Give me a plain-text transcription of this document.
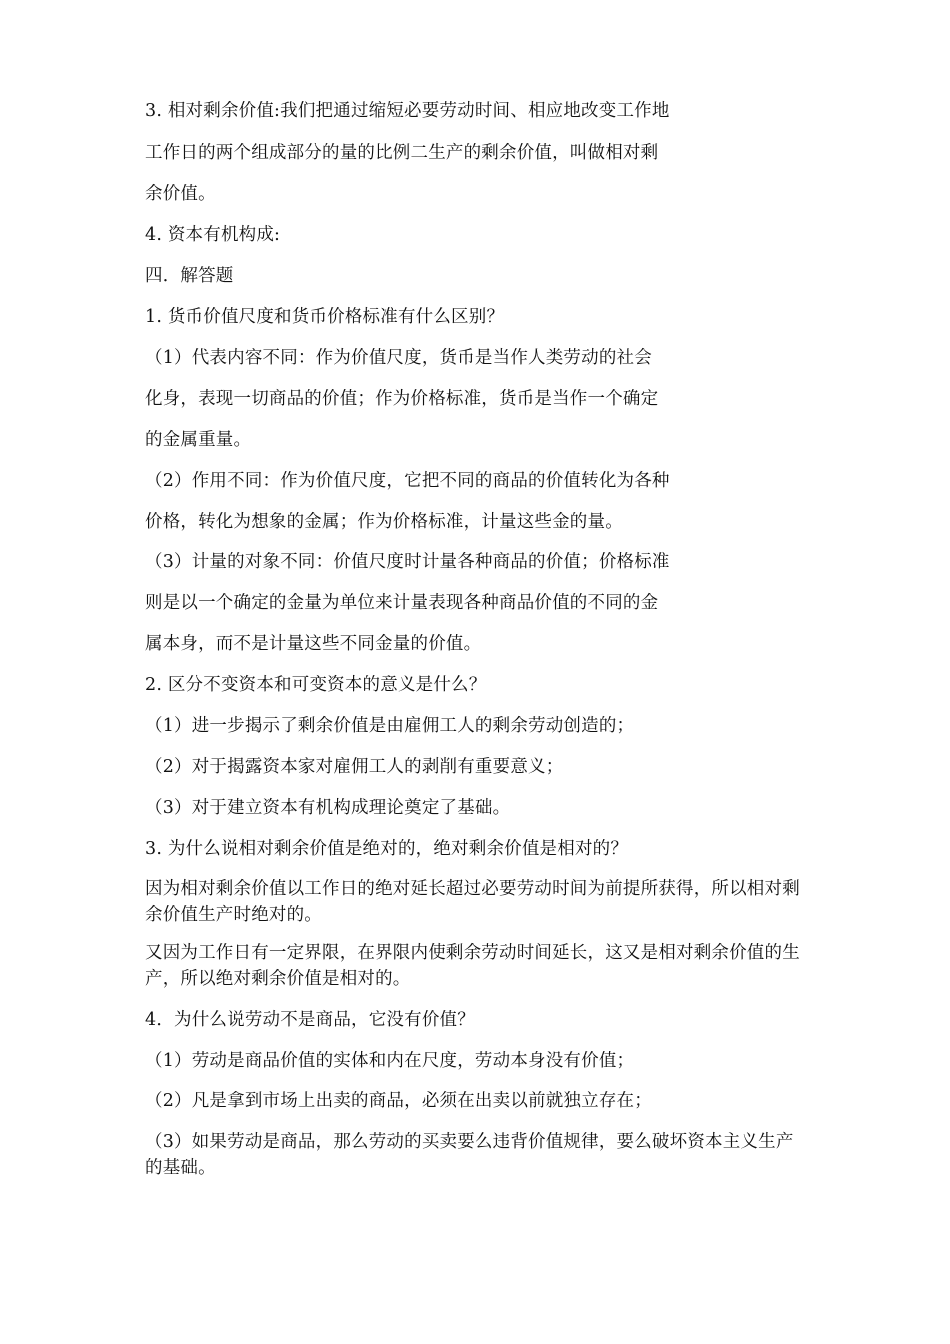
3. 相对剩余价值:我们把通过缩短必要劳动时间、相应地改变工作地
工作日的两个组成部分的量的比例二生产的剩余价值，叫做相对剩
余价值。
4. 资本有机构成:
四．解答题
1. 货币价值尺度和货币价格标准有什么区别？
（1）代表内容不同：作为价值尺度，货币是当作人类劳动的社会
化身，表现一切商品的价值；作为价格标准，货币是当作一个确定
的金属重量。
（2）作用不同：作为价值尺度，它把不同的商品的价值转化为各种
价格，转化为想象的金属；作为价格标准，计量这些金的量。
（3）计量的对象不同：价值尺度时计量各种商品的价值；价格标准
则是以一个确定的金量为单位来计量表现各种商品价值的不同的金
属本身，而不是计量这些不同金量的价值。
2. 区分不变资本和可变资本的意义是什么？
（1）进一步揭示了剩余价值是由雇佣工人的剩余劳动创造的；
（2）对于揭露资本家对雇佣工人的剥削有重要意义；
（3）对于建立资本有机构成理论奠定了基础。
3. 为什么说相对剩余价值是绝对的，绝对剩余价值是相对的？
因为相对剩余价值以工作日的绝对延长超过必要劳动时间为前提所获得，所以相对剩余价值生产时绝对的。
又因为工作日有一定界限，在界限内使剩余劳动时间延长，这又是相对剩余价值的生产，所以绝对剩余价值是相对的。
4．为什么说劳动不是商品，它没有价值？
（1）劳动是商品价值的实体和内在尺度，劳动本身没有价值；
（2）凡是拿到市场上出卖的商品，必须在出卖以前就独立存在；
（3）如果劳动是商品，那么劳动的买卖要么违背价值规律，要么破坏资本主义生产的基础。
